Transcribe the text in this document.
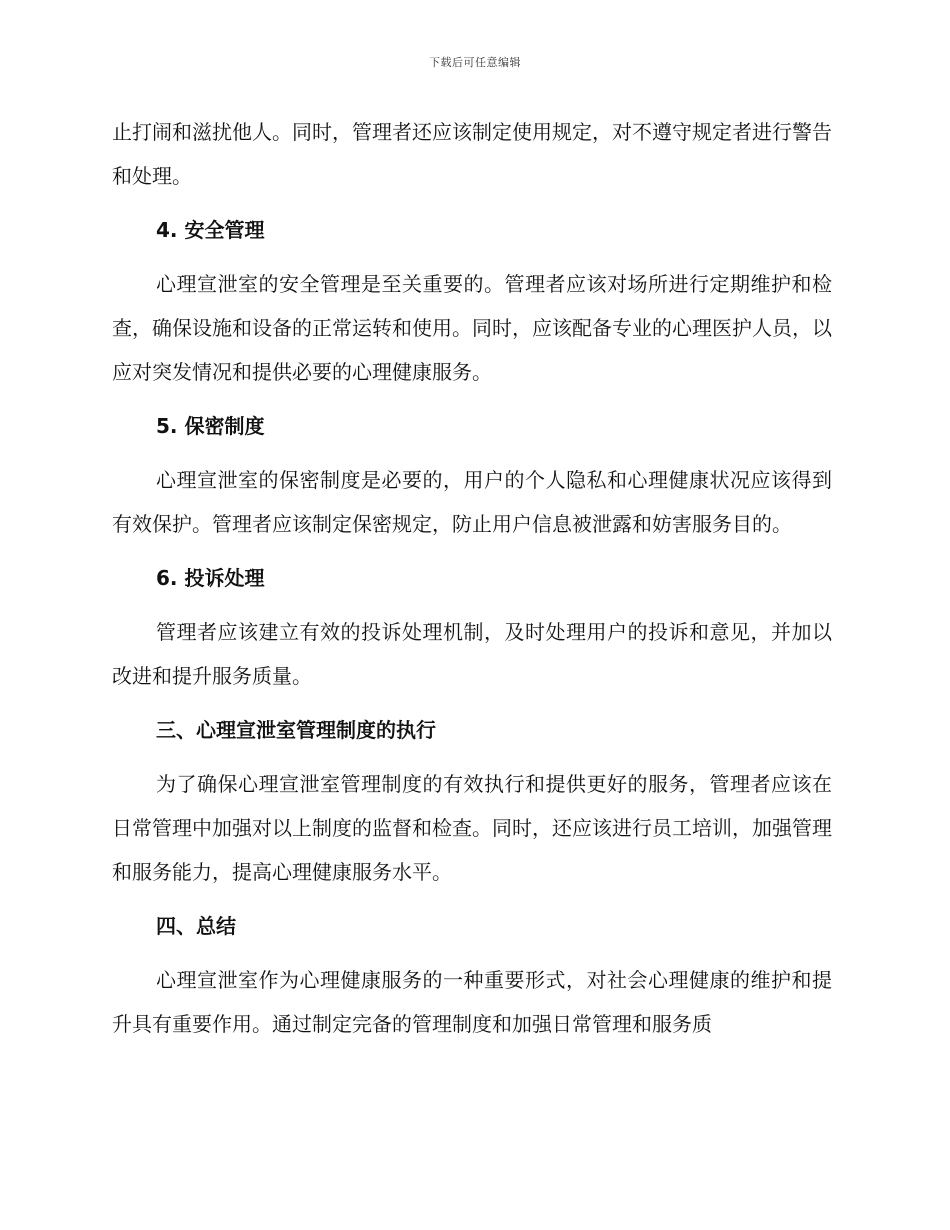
下载后可任意编辑

止打闹和滋扰他人。同时，管理者还应该制定使用规定，对不遵守规定者进行警告和处理。

4. 安全管理

心理宣泄室的安全管理是至关重要的。管理者应该对场所进行定期维护和检查，确保设施和设备的正常运转和使用。同时，应该配备专业的心理医护人员，以应对突发情况和提供必要的心理健康服务。

5. 保密制度

心理宣泄室的保密制度是必要的，用户的个人隐私和心理健康状况应该得到有效保护。管理者应该制定保密规定，防止用户信息被泄露和妨害服务目的。

6. 投诉处理

管理者应该建立有效的投诉处理机制，及时处理用户的投诉和意见，并加以改进和提升服务质量。

三、心理宣泄室管理制度的执行

为了确保心理宣泄室管理制度的有效执行和提供更好的服务，管理者应该在日常管理中加强对以上制度的监督和检查。同时，还应该进行员工培训，加强管理和服务能力，提高心理健康服务水平。

四、总结

心理宣泄室作为心理健康服务的一种重要形式，对社会心理健康的维护和提升具有重要作用。通过制定完备的管理制度和加强日常管理和服务质
